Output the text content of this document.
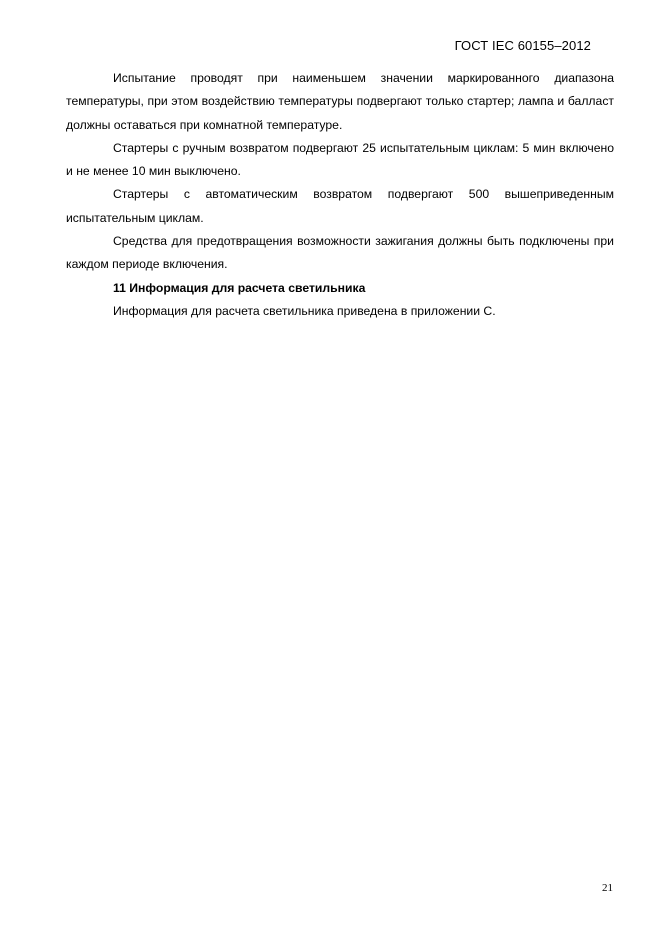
ГОСТ IEC 60155–2012

Испытание проводят при наименьшем значении маркированного диапазона температуры, при этом воздействию температуры подвергают только стартер; лампа и балласт должны оставаться при комнатной температуре.

Стартеры с ручным возвратом подвергают 25 испытательным циклам: 5 мин включено и не менее 10 мин выключено.

Стартеры с автоматическим возвратом подвергают 500 вышеприведенным испытательным циклам.

Средства для предотвращения возможности зажигания должны быть подключены при каждом периоде включения.

11 Информация для расчета светильника

Информация для расчета светильника приведена в приложении С.

21
